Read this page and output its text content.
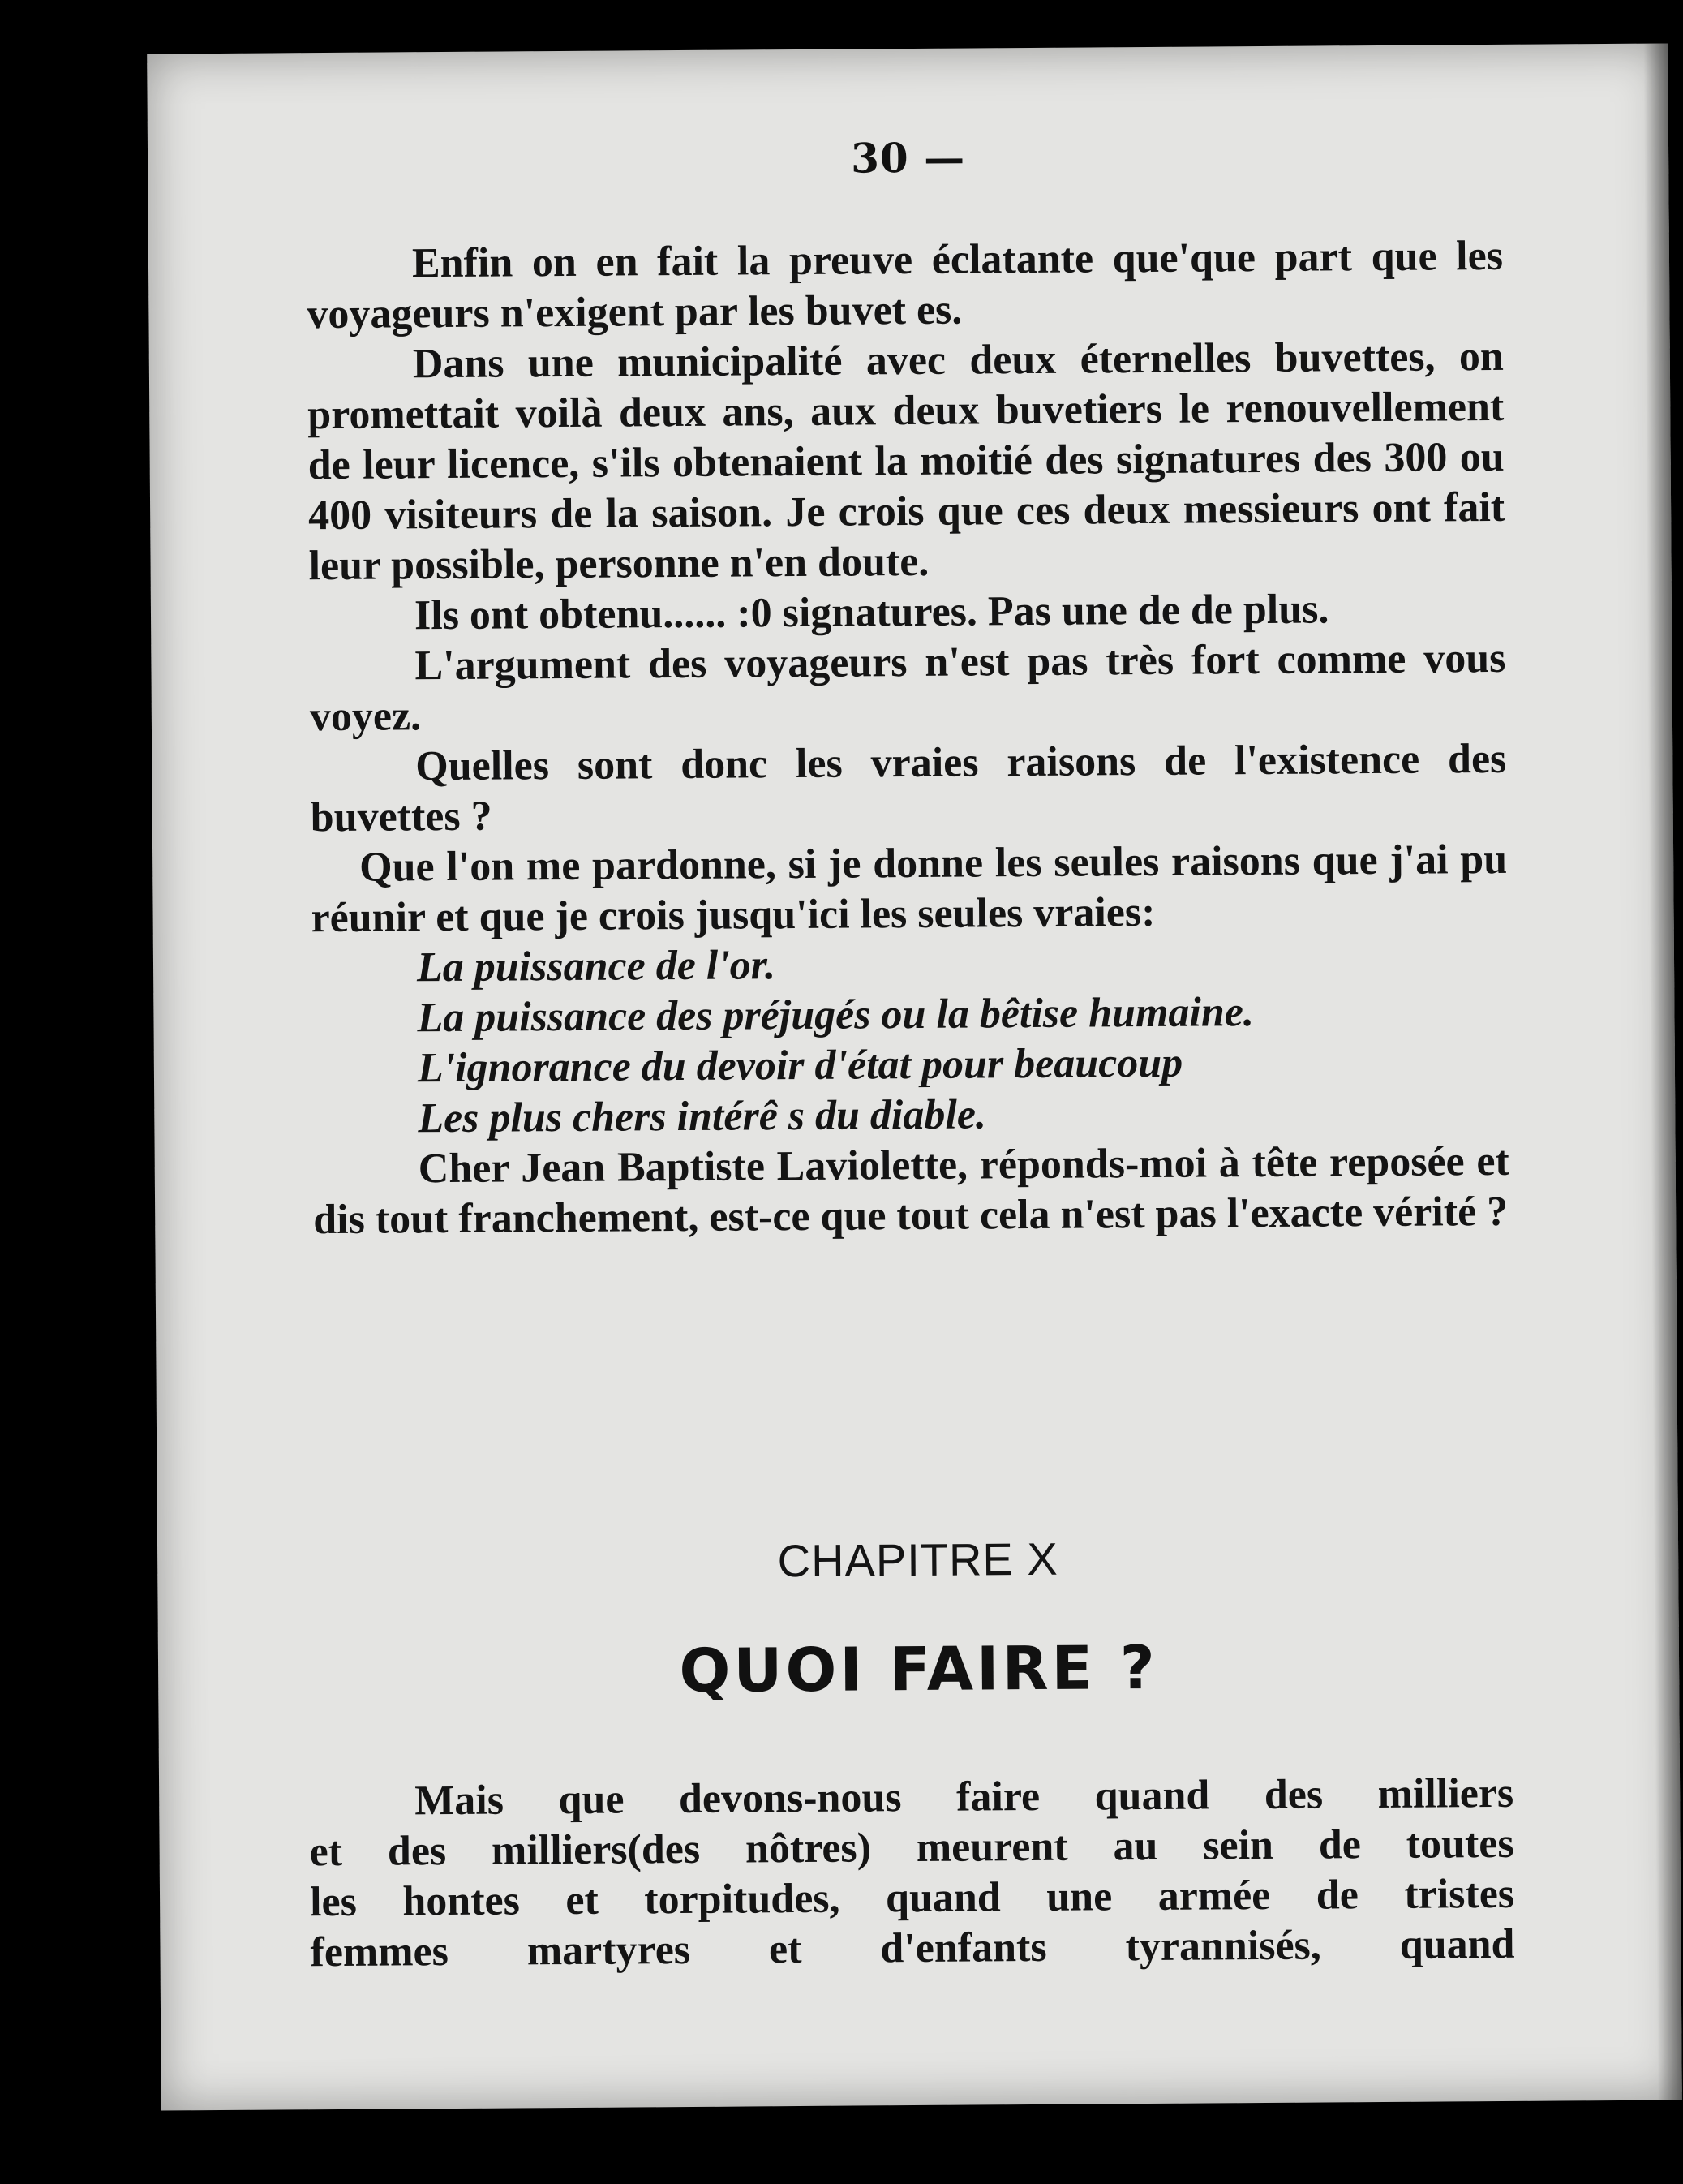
30 —

Enfin on en fait la preuve éclatante que'que part que les voyageurs n'exigent par les buvet es.

Dans une municipalité avec deux éternelles buvettes, on promettait voilà deux ans, aux deux buvetiers le renouvellement de leur licence, s'ils obtenaient la moitié des signatures des 300 ou 400 visiteurs de la saison. Je crois que ces deux messieurs ont fait leur possible, personne n'en doute.

Ils ont obtenu...... :0 signatures. Pas une de de plus.

L'argument des voyageurs n'est pas très fort comme vous voyez.

Quelles sont donc les vraies raisons de l'existence des buvettes ?

Que l'on me pardonne, si je donne les seules raisons que j'ai pu réunir et que je crois jusqu'ici les seules vraies:

La puissance de l'or.

La puissance des préjugés ou la bêtise humaine.

L'ignorance du devoir d'état pour beaucoup

Les plus chers intérê s du diable.

Cher Jean Baptiste Laviolette, réponds-moi à tête reposée et dis tout franchement, est-ce que tout cela n'est pas l'exacte vérité ?

CHAPITRE X
QUOI FAIRE ?

Mais que devons-nous faire quand des milliers

et des milliers(des nôtres) meurent au sein de toutes

les hontes et torpitudes, quand une armée de tristes

femmes martyres et d'enfants tyrannisés, quand
